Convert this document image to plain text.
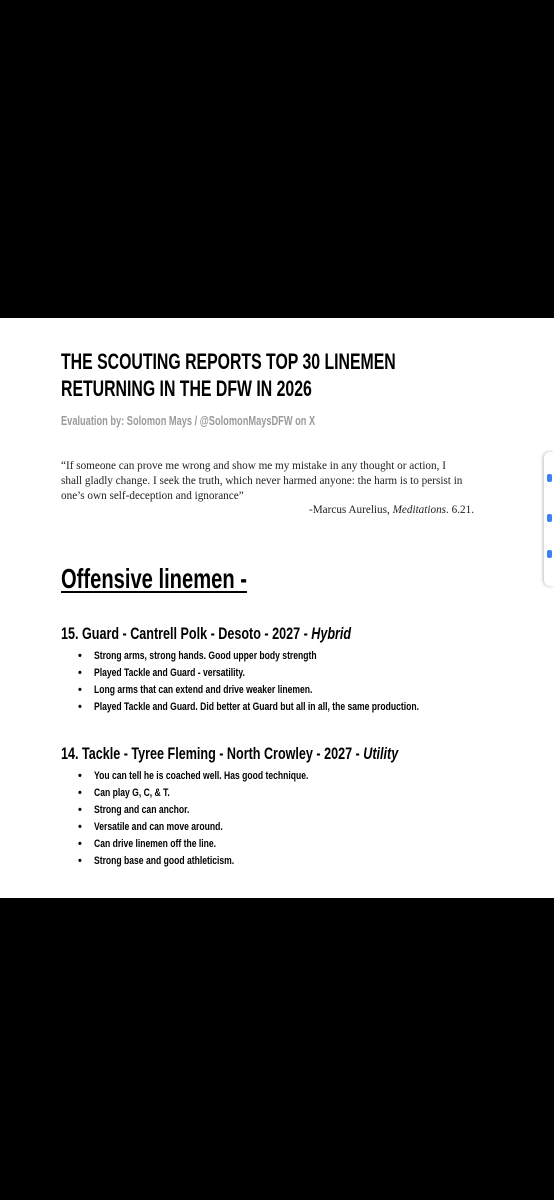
THE SCOUTING REPORTS TOP 30 LINEMEN
RETURNING IN THE DFW IN 2026
Evaluation by: Solomon Mays / @SolomonMaysDFW on X
“If someone can prove me wrong and show me my mistake in any thought or action, I
shall gladly change. I seek the truth, which never harmed anyone: the harm is to persist in
one’s own self-deception and ignorance”
-Marcus Aurelius, Meditations. 6.21.
Offensive linemen -
15. Guard - Cantrell Polk - Desoto - 2027 - Hybrid
• Strong arms, strong hands. Good upper body strength
• Played Tackle and Guard - versatility.
• Long arms that can extend and drive weaker linemen.
• Played Tackle and Guard. Did better at Guard but all in all, the same production.
14. Tackle - Tyree Fleming - North Crowley - 2027 - Utility
• You can tell he is coached well. Has good technique.
• Can play G, C, & T.
• Strong and can anchor.
• Versatile and can move around.
• Can drive linemen off the line.
• Strong base and good athleticism.
